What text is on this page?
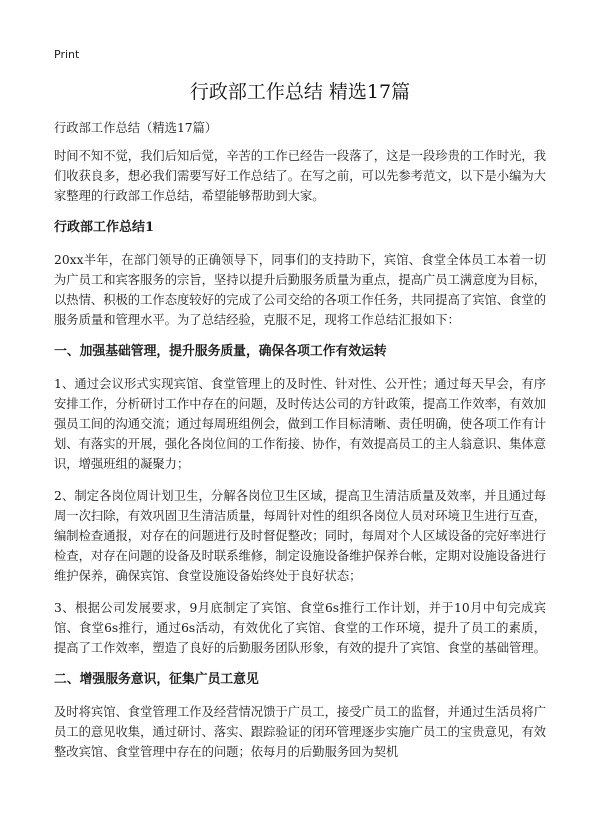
Print
行政部工作总结 精选17篇

行政部工作总结（精选17篇）

时间不知不觉，我们后知后觉，辛苦的工作已经告一段落了，这是一段珍贵的工作时光，我们收获良多，想必我们需要写好工作总结了。在写之前，可以先参考范文，以下是小编为大家整理的行政部工作总结，希望能够帮助到大家。

行政部工作总结1

20xx半年，在部门领导的正确领导下，同事们的支持助下，宾馆、食堂全体员工本着一切为广员工和宾客服务的宗旨，坚持以提升后勤服务质量为重点，提高广员工满意度为目标，以热情、积极的工作态度较好的完成了公司交给的各项工作任务，共同提高了宾馆、食堂的服务质量和管理水平。为了总结经验，克服不足，现将工作总结汇报如下：

一、加强基础管理，提升服务质量，确保各项工作有效运转

1、通过会议形式实现宾馆、食堂管理上的及时性、针对性、公开性；通过每天早会，有序安排工作，分析研讨工作中存在的问题，及时传达公司的方针政策，提高工作效率，有效加强员工间的沟通交流；通过每周班组例会，做到工作目标清晰、责任明确，使各项工作有计划、有落实的开展，强化各岗位间的工作衔接、协作，有效提高员工的主人翁意识、集体意识，增强班组的凝聚力；

2、制定各岗位周计划卫生，分解各岗位卫生区域，提高卫生清洁质量及效率，并且通过每周一次扫除，有效巩固卫生清洁质量，每周针对性的组织各岗位人员对环境卫生进行互查，编制检查通报，对存在的问题进行及时督促整改；同时，每周对个人区域设备的完好率进行检查，对存在问题的设备及时联系维修，制定设施设备维护保养台帐，定期对设施设备进行维护保养，确保宾馆、食堂设施设备始终处于良好状态；

3、根据公司发展要求，9月底制定了宾馆、食堂6s推行工作计划，并于10月中旬完成宾馆、食堂6s推行，通过6s活动，有效优化了宾馆、食堂的工作环境，提升了员工的素质，提高了工作效率，塑造了良好的后勤服务团队形象，有效的提升了宾馆、食堂的基础管理。

二、增强服务意识，征集广员工意见

及时将宾馆、食堂管理工作及经营情况馈于广员工，接受广员工的监督，并通过生活员将广员工的意见收集，通过研讨、落实、跟踪验证的闭环管理逐步实施广员工的宝贵意见，有效整改宾馆、食堂管理中存在的问题；依每月的后勤服务回为契机
